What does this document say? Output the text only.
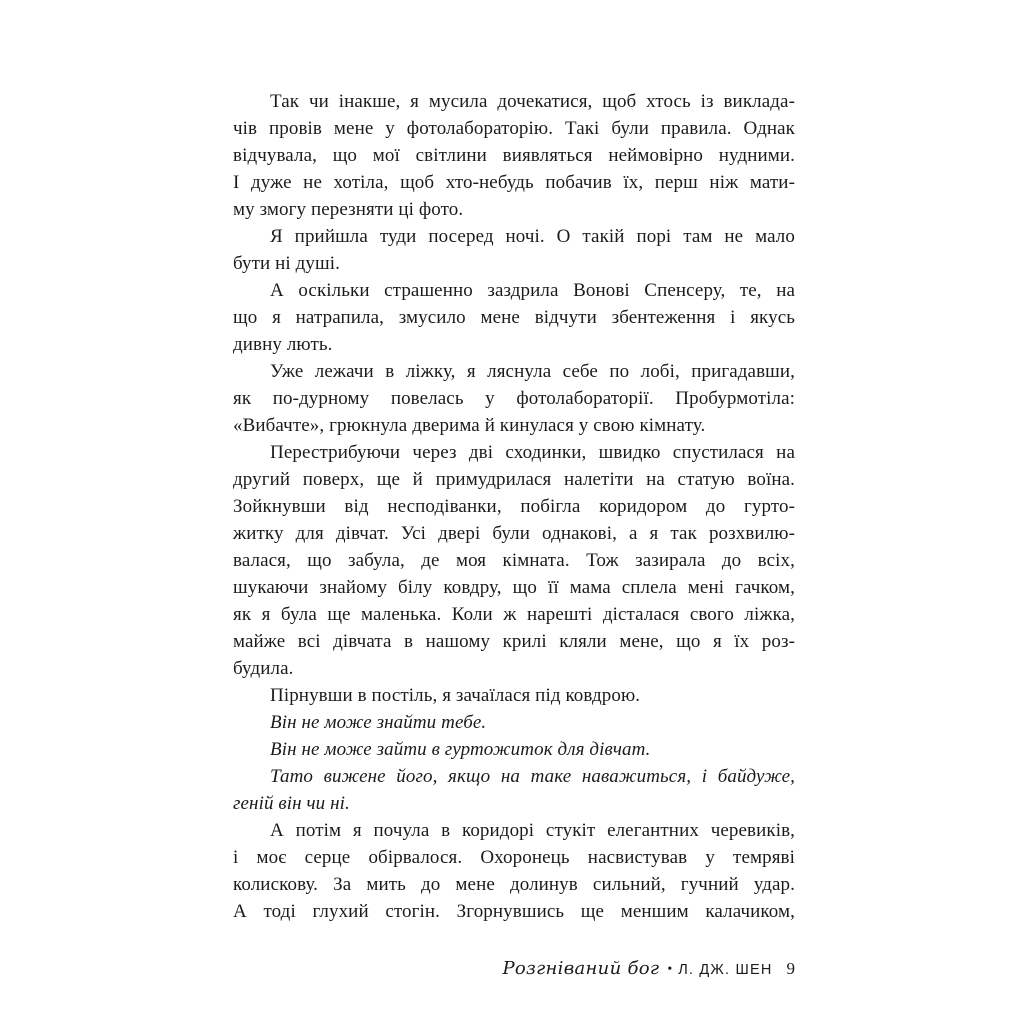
Так чи інакше, я мусила дочекатися, щоб хтось із виклада-
чів провів мене у фотолабораторію. Такі були правила. Однак
відчувала, що мої світлини виявляться неймовірно нудними.
І дуже не хотіла, щоб хто-небудь побачив їх, перш ніж мати-
му змогу перезняти ці фото.
Я прийшла туди посеред ночі. О такій порі там не мало
бути ні душі.
А оскільки страшенно заздрила Вонові Спенсеру, те, на
що я натрапила, змусило мене відчути збентеження і якусь
дивну лють.
Уже лежачи в ліжку, я ляснула себе по лобі, пригадавши,
як по-дурному повелась у фотолабораторії. Пробурмотіла:
«Вибачте», грюкнула дверима й кинулася у свою кімнату.
Перестрибуючи через дві сходинки, швидко спустилася на
другий поверх, ще й примудрилася налетіти на статую воїна.
Зойкнувши від несподіванки, побігла коридором до гурто-
житку для дівчат. Усі двері були однакові, а я так розхвилю-
валася, що забула, де моя кімната. Тож зазирала до всіх,
шукаючи знайому білу ковдру, що її мама сплела мені гачком,
як я була ще маленька. Коли ж нарешті дісталася свого ліжка,
майже всі дівчата в нашому крилі кляли мене, що я їх роз-
будила.
Пірнувши в постіль, я зачаїлася під ковдрою.
Він не може знайти тебе.
Він не може зайти в гуртожиток для дівчат.
Тато вижене його, якщо на таке наважиться, і байдуже,
геній він чи ні.
А потім я почула в коридорі стукіт елегантних черевиків,
і моє серце обірвалося. Охоронець насвистував у темряві
колискову. За мить до мене долинув сильний, гучний удар.
А тоді глухий стогін. Згорнувшись ще меншим калачиком,
Розгніваний бог • Л. ДЖ. ШЕН 9
